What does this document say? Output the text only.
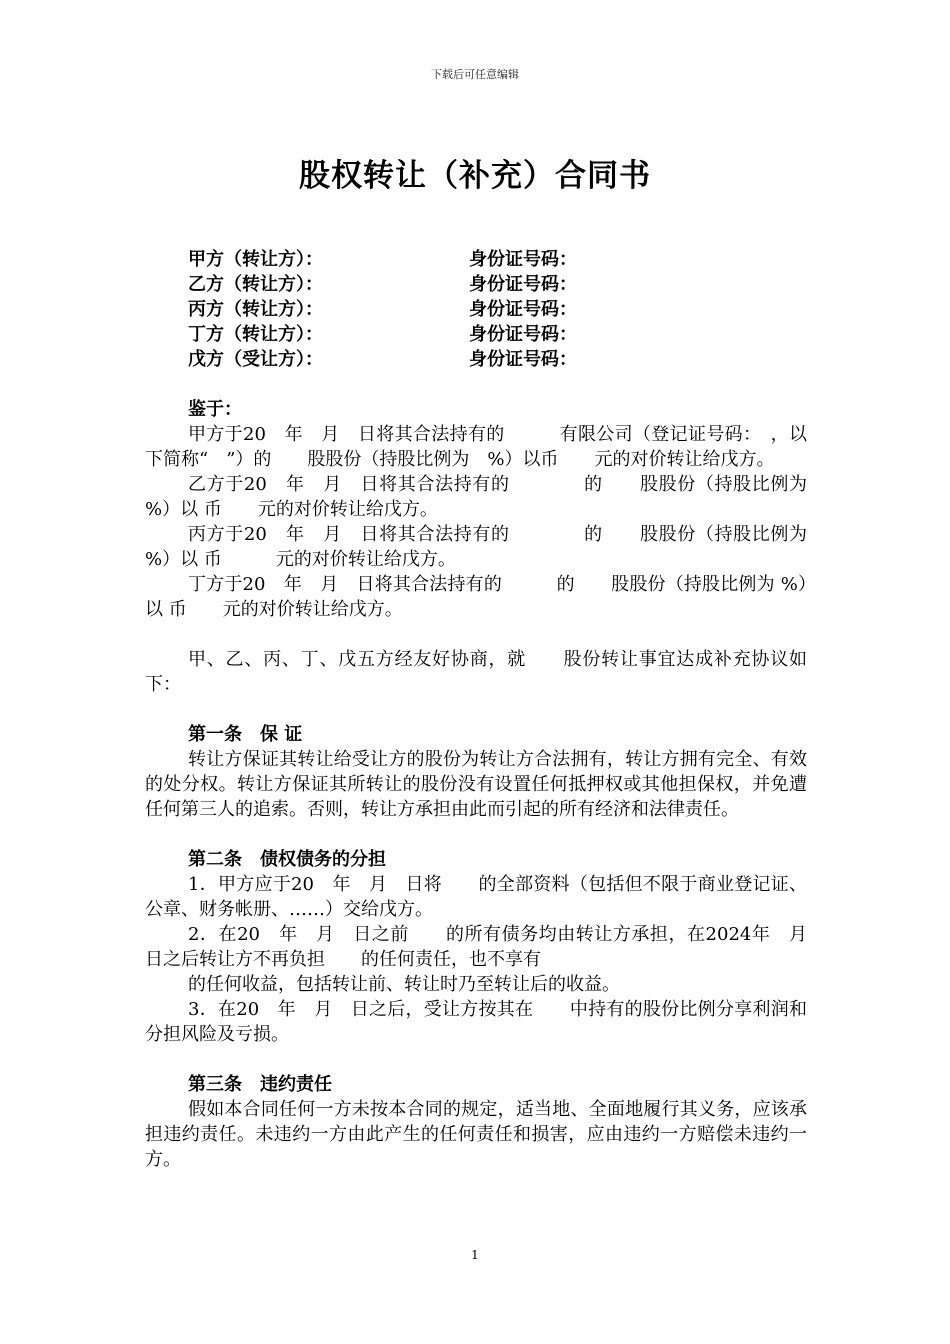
下载后可任意编辑
股权转让（补充）合同书
甲方（转让方）：	身份证号码：
乙方（转让方）：	身份证号码：
丙方（转让方）：	身份证号码：
丁方（转让方）：	身份证号码：
戊方（受让方）：	身份证号码：

鉴于：

甲方于20　年　月　日将其合法持有的　　　有限公司（登记证号码：　，以下简称“　”）的　　股股份（持股比例为　%）以币　　元的对价转让给戊方。

乙方于20　年　月　日将其合法持有的　　　　的　　股股份（持股比例为　%）以 币　　元的对价转让给戊方。

丙方于20　年　月　日将其合法持有的　　　　的　　股股份（持股比例为　%）以 币　　　元的对价转让给戊方。

丁方于20　年　月　日将其合法持有的　　　的　　股股份（持股比例为 %）以 币　　元的对价转让给戊方。

甲、乙、丙、丁、戊五方经友好协商，就　　股份转让事宜达成补充协议如下：

第一条　保 证

转让方保证其转让给受让方的股份为转让方合法拥有，转让方拥有完全、有效的处分权。转让方保证其所转让的股份没有设置任何抵押权或其他担保权，并免遭任何第三人的追索。否则，转让方承担由此而引起的所有经济和法律责任。

第二条　债权债务的分担

1．甲方应于20　年　月　日将　　的全部资料（包括但不限于商业登记证、公章、财务帐册、……）交给戊方。

2．在20　年　月　日之前　　的所有债务均由转让方承担，在2024年　月　日之后转让方不再负担　　的任何责任，也不享有

的任何收益，包括转让前、转让时乃至转让后的收益。

3．在20　年　月　日之后，受让方按其在　　中持有的股份比例分享利润和分担风险及亏损。

第三条　违约责任

假如本合同任何一方未按本合同的规定，适当地、全面地履行其义务，应该承担违约责任。未违约一方由此产生的任何责任和损害，应由违约一方赔偿未违约一方。

1
